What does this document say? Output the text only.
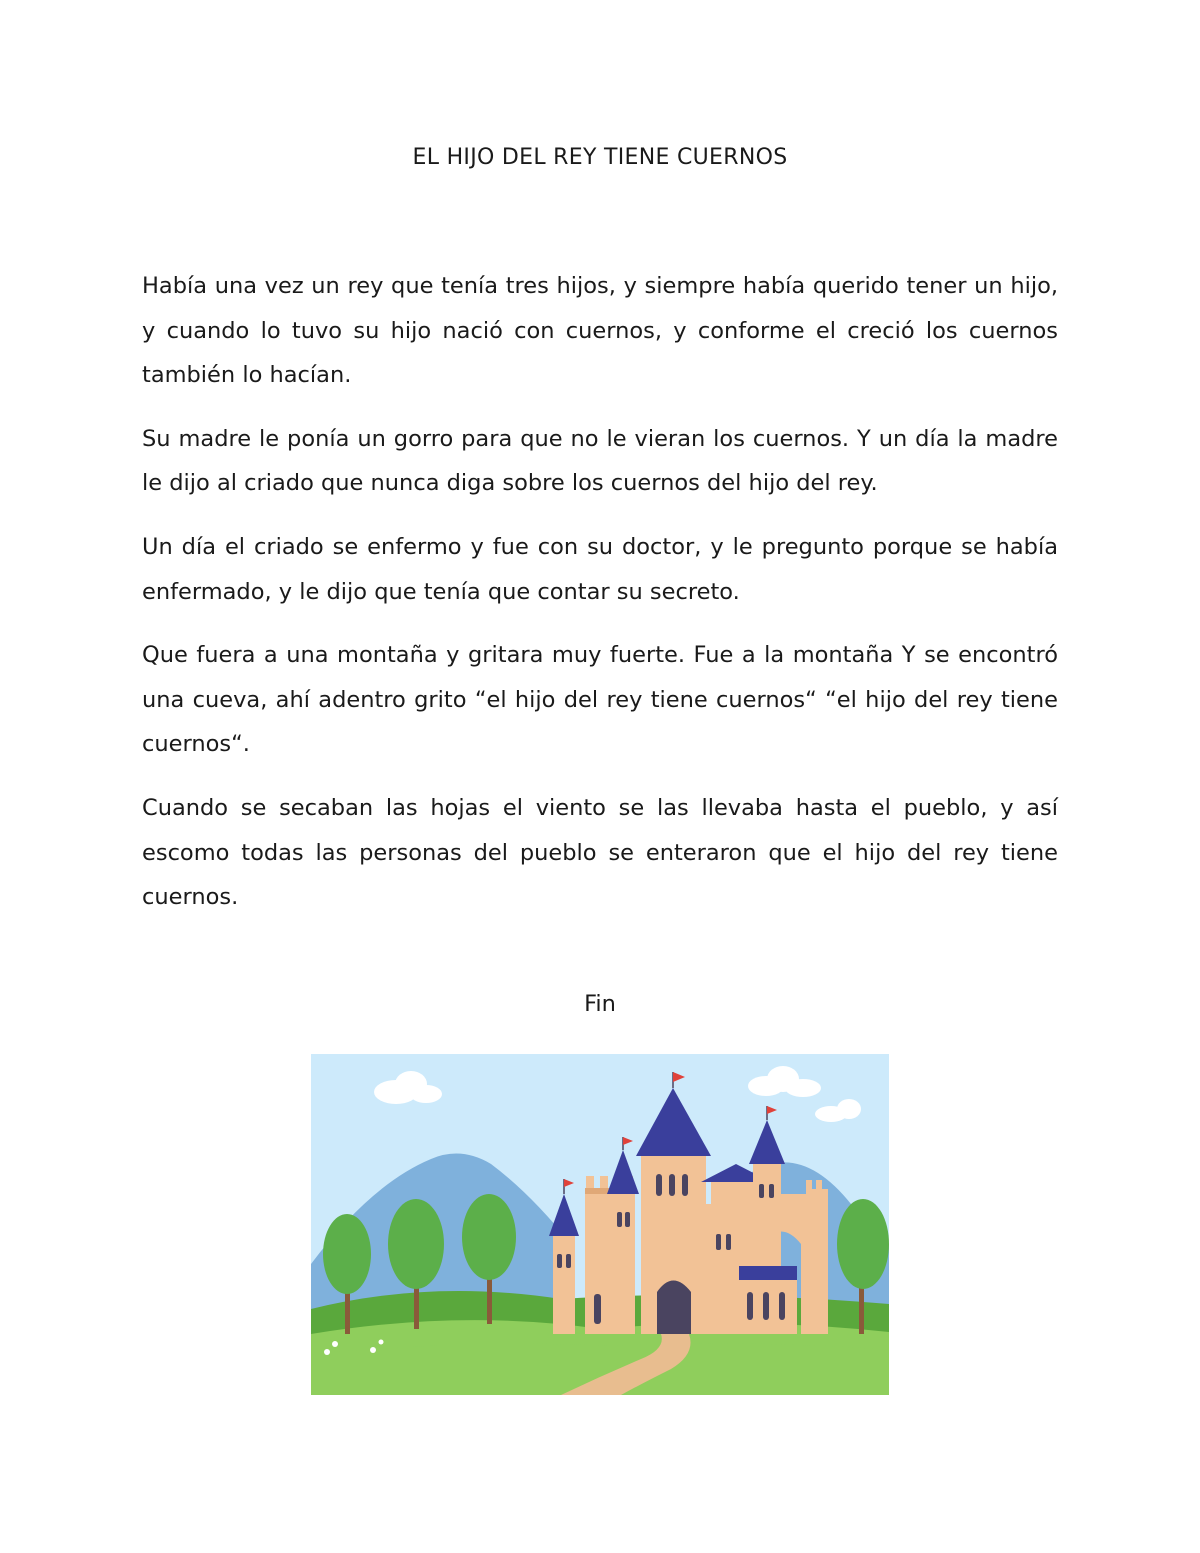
EL HIJO DEL REY TIENE CUERNOS

Había una vez un rey que tenía tres hijos, y siempre había querido tener un hijo, y cuando lo tuvo su hijo nació con cuernos, y conforme el creció los cuernos también lo hacían.

Su madre le ponía un gorro para que no le vieran los cuernos. Y un día la madre le dijo al criado que nunca diga sobre los cuernos del hijo del rey.

Un día el criado se enfermo y fue con su doctor, y le pregunto porque se había enfermado, y le dijo que tenía que contar su secreto.

Que fuera a una montaña y gritara muy fuerte. Fue a la montaña Y se encontró una cueva, ahí adentro grito “el hijo del rey tiene cuernos“ “el hijo del rey tiene cuernos“.

Cuando se secaban las hojas el viento se las llevaba hasta el pueblo, y así escomo todas las personas del pueblo se enteraron que el hijo del rey tiene cuernos.

Fin
